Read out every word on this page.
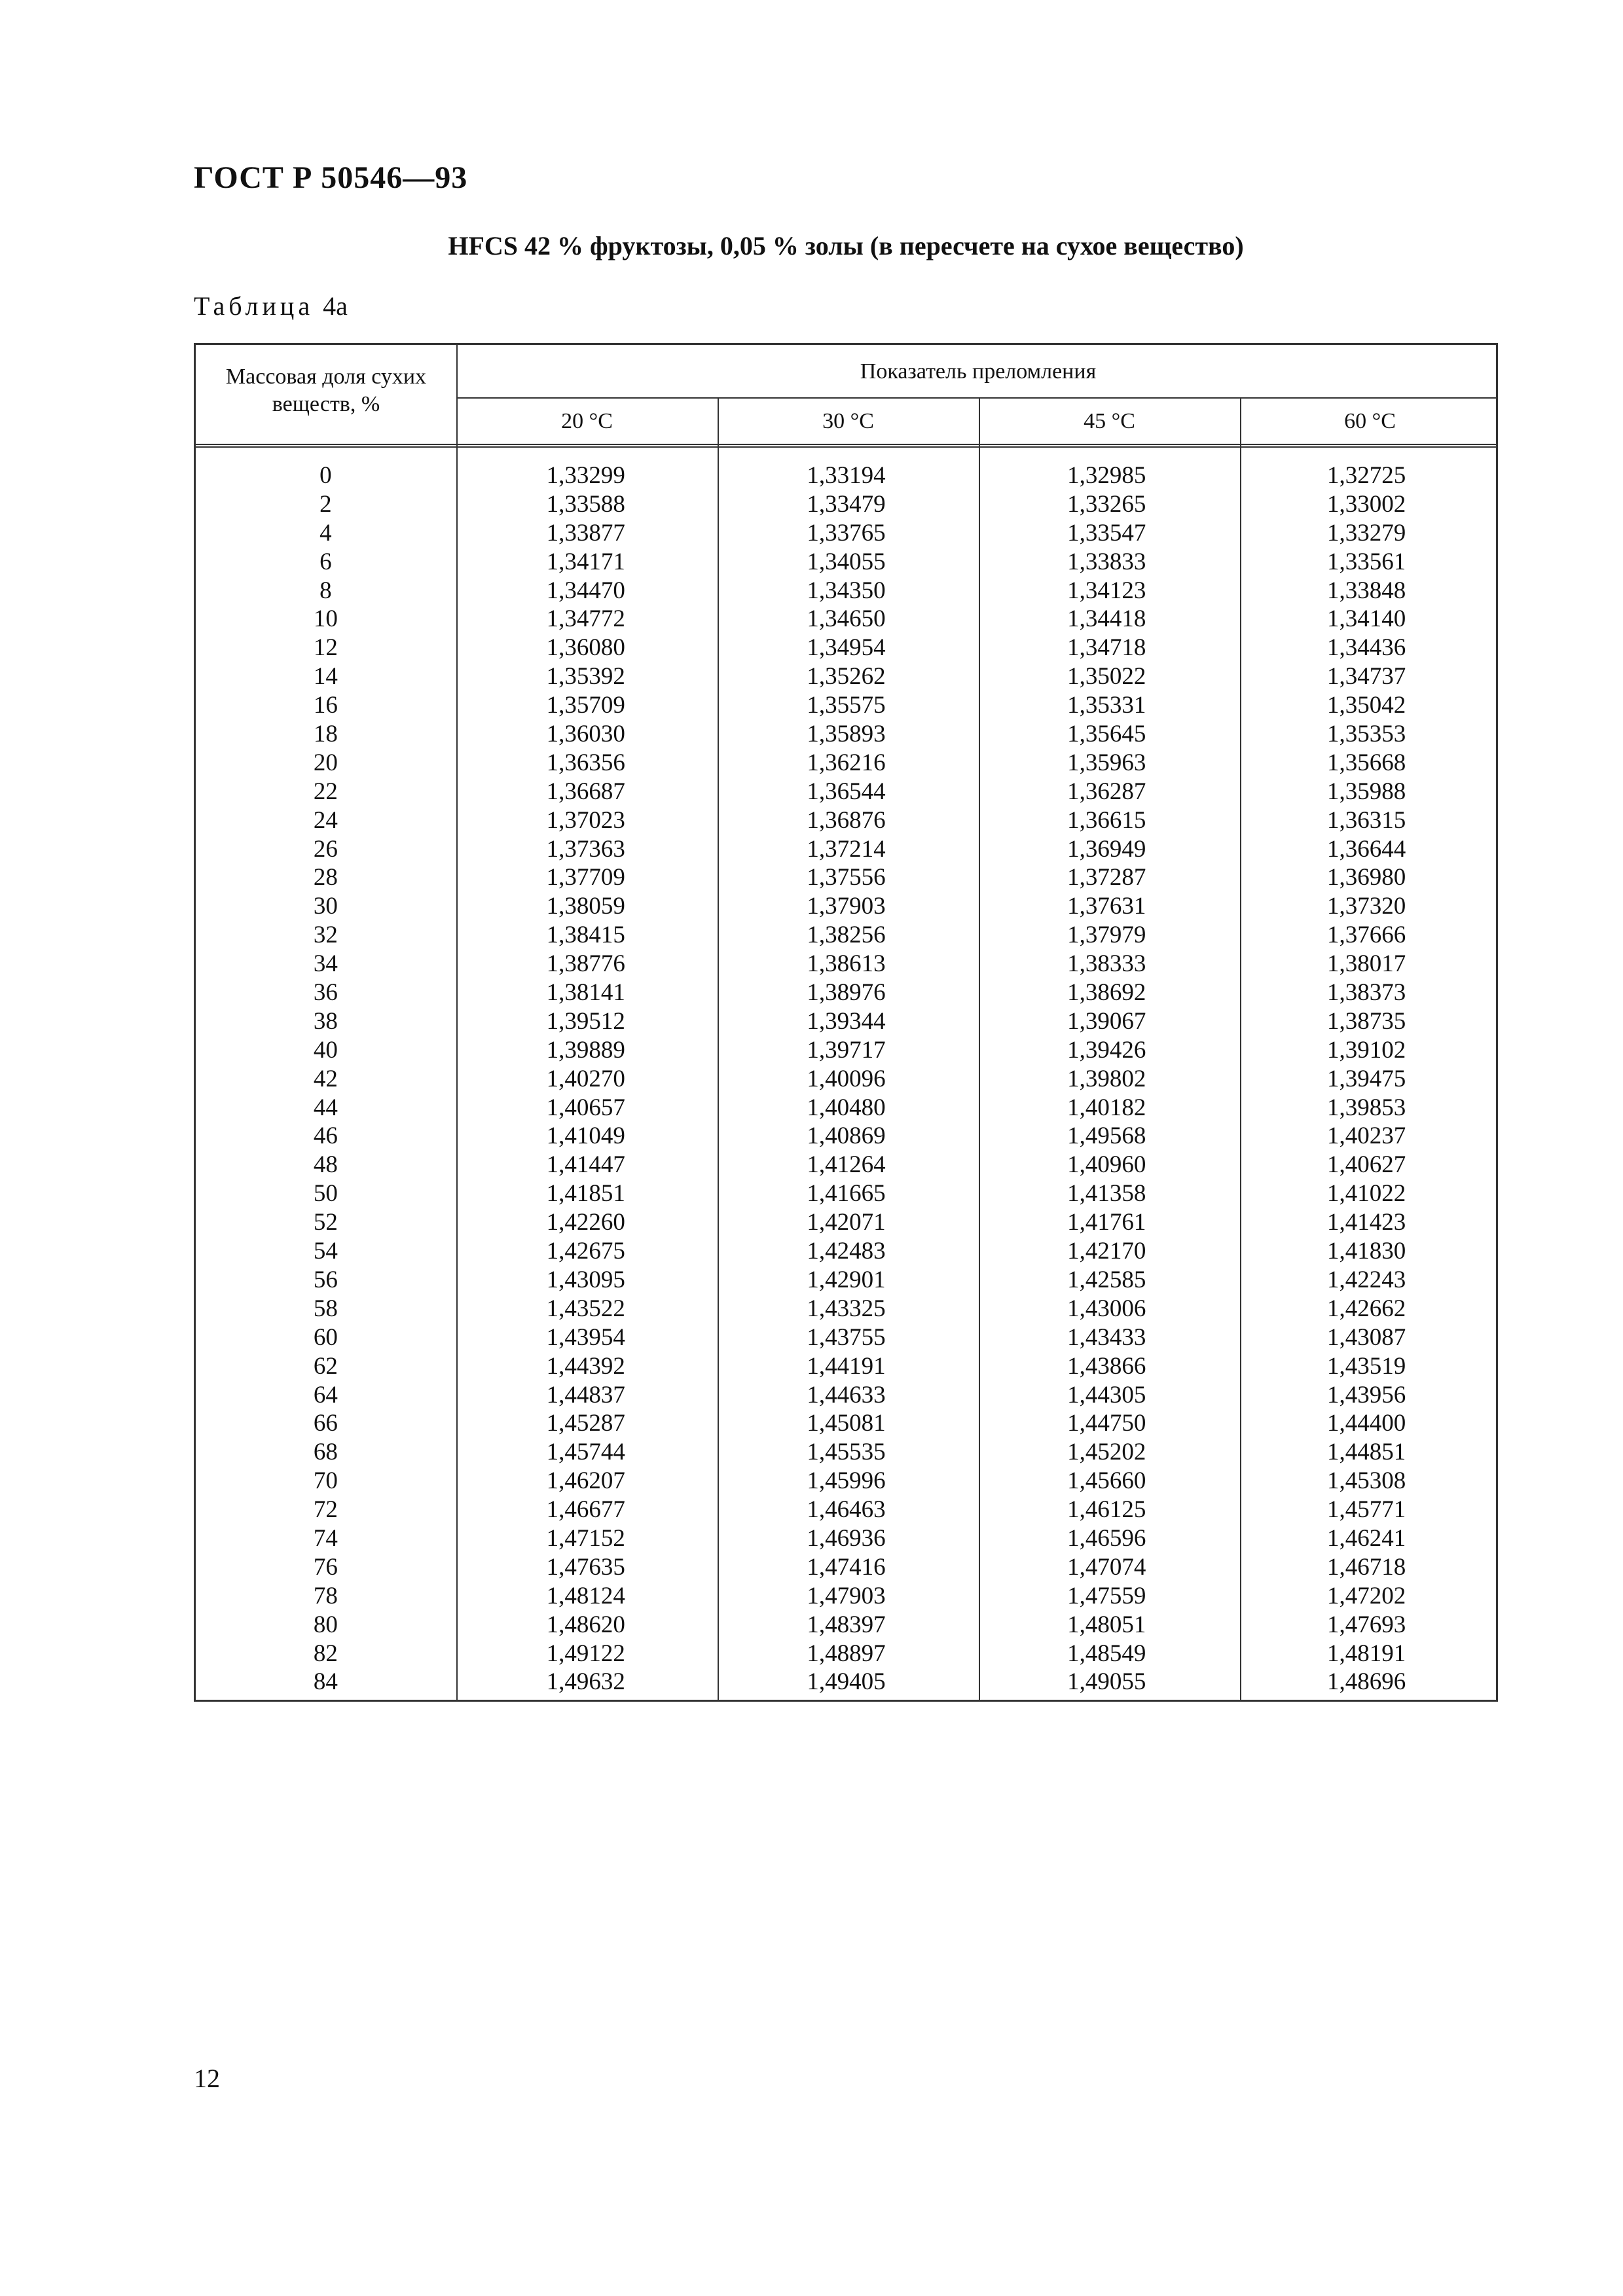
ГОСТ Р 50546—93
HFCS 42 % фруктозы, 0,05 % золы (в пересчете на сухое вещество)
Таблица 4а
Массовая доля сухих веществ, %
Показатель преломления
20 °С	30 °С	45 °С	60 °С
0	1,33299	1,33194	1,32985	1,32725
2	1,33588	1,33479	1,33265	1,33002
4	1,33877	1,33765	1,33547	1,33279
6	1,34171	1,34055	1,33833	1,33561
8	1,34470	1,34350	1,34123	1,33848
10	1,34772	1,34650	1,34418	1,34140
12	1,36080	1,34954	1,34718	1,34436
14	1,35392	1,35262	1,35022	1,34737
16	1,35709	1,35575	1,35331	1,35042
18	1,36030	1,35893	1,35645	1,35353
20	1,36356	1,36216	1,35963	1,35668
22	1,36687	1,36544	1,36287	1,35988
24	1,37023	1,36876	1,36615	1,36315
26	1,37363	1,37214	1,36949	1,36644
28	1,37709	1,37556	1,37287	1,36980
30	1,38059	1,37903	1,37631	1,37320
32	1,38415	1,38256	1,37979	1,37666
34	1,38776	1,38613	1,38333	1,38017
36	1,38141	1,38976	1,38692	1,38373
38	1,39512	1,39344	1,39067	1,38735
40	1,39889	1,39717	1,39426	1,39102
42	1,40270	1,40096	1,39802	1,39475
44	1,40657	1,40480	1,40182	1,39853
46	1,41049	1,40869	1,49568	1,40237
48	1,41447	1,41264	1,40960	1,40627
50	1,41851	1,41665	1,41358	1,41022
52	1,42260	1,42071	1,41761	1,41423
54	1,42675	1,42483	1,42170	1,41830
56	1,43095	1,42901	1,42585	1,42243
58	1,43522	1,43325	1,43006	1,42662
60	1,43954	1,43755	1,43433	1,43087
62	1,44392	1,44191	1,43866	1,43519
64	1,44837	1,44633	1,44305	1,43956
66	1,45287	1,45081	1,44750	1,44400
68	1,45744	1,45535	1,45202	1,44851
70	1,46207	1,45996	1,45660	1,45308
72	1,46677	1,46463	1,46125	1,45771
74	1,47152	1,46936	1,46596	1,46241
76	1,47635	1,47416	1,47074	1,46718
78	1,48124	1,47903	1,47559	1,47202
80	1,48620	1,48397	1,48051	1,47693
82	1,49122	1,48897	1,48549	1,48191
84	1,49632	1,49405	1,49055	1,48696
12
